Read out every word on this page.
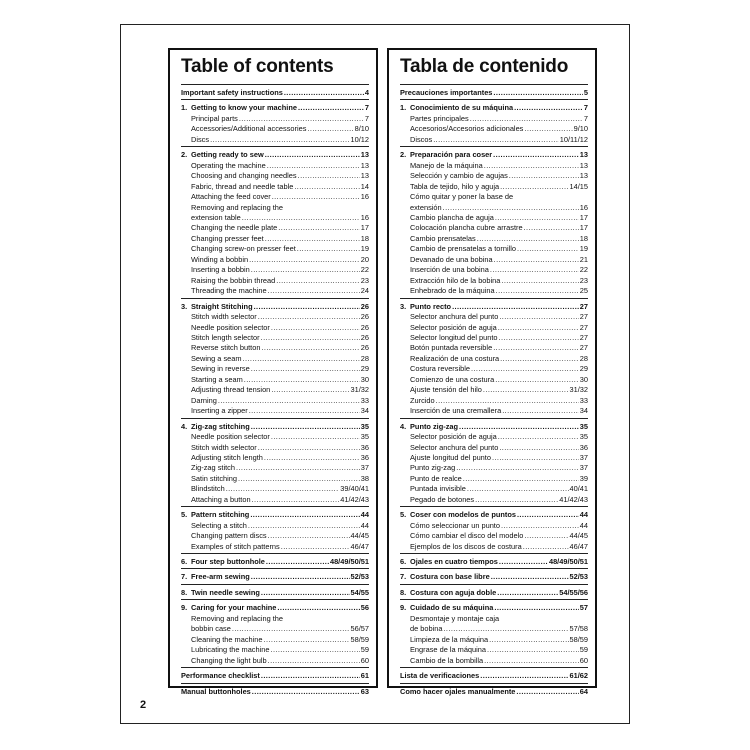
Table of contents
Important safety instructions .....	4
1. Getting to know your machine .....	7
Principal parts .....	7
Accessories/Additional accessories .....	8/10
Discs .....	10/12
2. Getting ready to sew .....	13
Operating the machine .....	13
Choosing and changing needles .....	13
Fabric, thread and needle table .....	14
Attaching the feed cover .....	16
Removing and replacing the
extension table .....	16
Changing the needle plate .....	17
Changing presser feet .....	18
Changing screw-on presser feet .....	19
Winding a bobbin .....	20
Inserting a bobbin .....	22
Raising the bobbin thread .....	23
Threading the machine .....	24
3. Straight Stitching .....	26
Stitch width selector .....	26
Needle position selector .....	26
Stitch length selector .....	26
Reverse stitch button .....	26
Sewing a seam .....	28
Sewing in reverse .....	29
Starting a seam .....	30
Adjusting thread tension .....	31/32
Darning .....	33
Inserting a zipper .....	34
4. Zig-zag stitching .....	35
Needle position selector .....	35
Stitch width selector .....	36
Adjusting stitch length .....	36
Zig-zag stitch .....	37
Satin stitching .....	38
Blindstitch .....	39/40/41
Attaching a button .....	41/42/43
5. Pattern stitching .....	44
Selecting a stitch .....	44
Changing pattern discs .....	44/45
Examples of stitch patterns .....	46/47
6. Four step buttonhole .....	48/49/50/51
7. Free-arm sewing .....	52/53
8. Twin needle sewing .....	54/55
9. Caring for your machine .....	56
Removing and replacing the
bobbin case .....	56/57
Cleaning the machine .....	58/59
Lubricating the machine .....	59
Changing the light bulb .....	60
Performance checklist .....	61
Manual buttonholes .....	63
Tabla de contenido
Precauciones importantes .....	5
1. Conocimiento de su máquina .....	7
Partes principales .....	7
Accesorios/Accesorios adicionales .....	9/10
Discos .....	10/11/12
2. Preparación para coser .....	13
Manejo de la máquina .....	13
Selección y cambio de agujas .....	13
Tabla de tejido, hilo y aguja .....	14/15
Cómo quitar y poner la base de
extensión .....	16
Cambio plancha de aguja .....	17
Colocación plancha cubre arrastre .....	17
Cambio prensatelas .....	18
Cambio de prensatelas a tornillo .....	19
Devanado de una bobina .....	21
Inserción de una bobina .....	22
Extracción hilo de la bobina .....	23
Enhebrado de la máquina .....	25
3. Punto recto .....	27
Selector anchura del punto .....	27
Selector posición de aguja .....	27
Selector longitud del punto .....	27
Botón puntada reversible .....	27
Realización de una costura .....	28
Costura reversible .....	29
Comienzo de una costura .....	30
Ajuste tensión del hilo .....	31/32
Zurcido .....	33
Inserción de una cremallera .....	34
4. Punto zig-zag .....	35
Selector posición de aguja .....	35
Selector anchura del punto .....	36
Ajuste longitud del punto .....	37
Punto zig-zag .....	37
Punto de realce .....	39
Puntada invisible .....	40/41
Pegado de botones .....	41/42/43
5. Coser con modelos de puntos .....	44
Cómo seleccionar un punto .....	44
Cómo cambiar el disco del modelo .....	44/45
Ejemplos de los discos de costura .....	46/47
6. Ojales en cuatro tiempos .....	48/49/50/51
7. Costura con base libre .....	52/53
8. Costura con aguja doble .....	54/55/56
9. Cuidado de su máquina .....	57
Desmontaje y montaje caja
de bobina .....	57/58
Limpieza de la máquina .....	58/59
Engrase de la máquina .....	59
Cambio de la bombilla .....	60
Lista de verificaciones .....	61/62
Como hacer ojales manualmente .....	64
2
